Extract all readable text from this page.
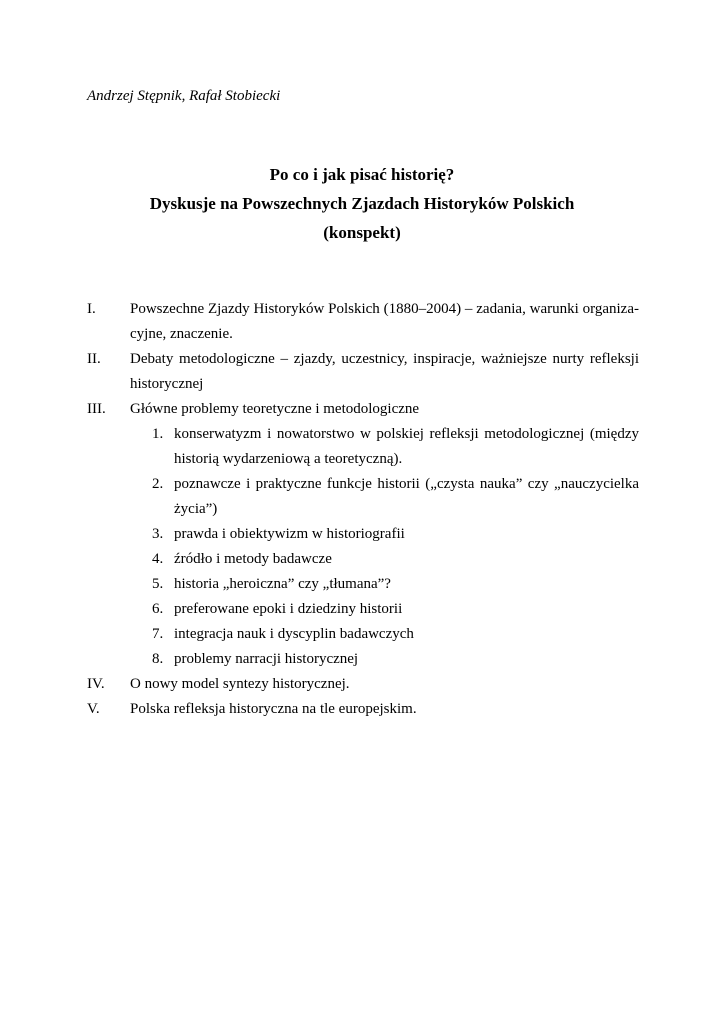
Andrzej Stępnik, Rafał Stobiecki
Po co i jak pisać historię?
Dyskusje na Powszechnych Zjazdach Historyków Polskich
(konspekt)
I.	Powszechne Zjazdy Historyków Polskich (1880–2004) – zadania, warunki organiza-cyjne, znaczenie.
II.	Debaty metodologiczne – zjazdy, uczestnicy, inspiracje, ważniejsze nurty refleksji historycznej
III.	Główne problemy teoretyczne i metodologiczne
1. konserwatyzm i nowatorstwo w polskiej refleksji metodologicznej (między historią wydarzeniową a teoretyczną).
2. poznawcze i praktyczne funkcje historii („czysta nauka” czy „nauczycielka życia”)
3. prawda i obiektywizm w historiografii
4. źródło i metody badawcze
5. historia „heroiczna” czy „tłumana”?
6. preferowane epoki i dziedziny historii
7. integracja nauk i dyscyplin badawczych
8. problemy narracji historycznej
IV.	O nowy model syntezy historycznej.
V.	Polska refleksja historyczna na tle europejskim.
